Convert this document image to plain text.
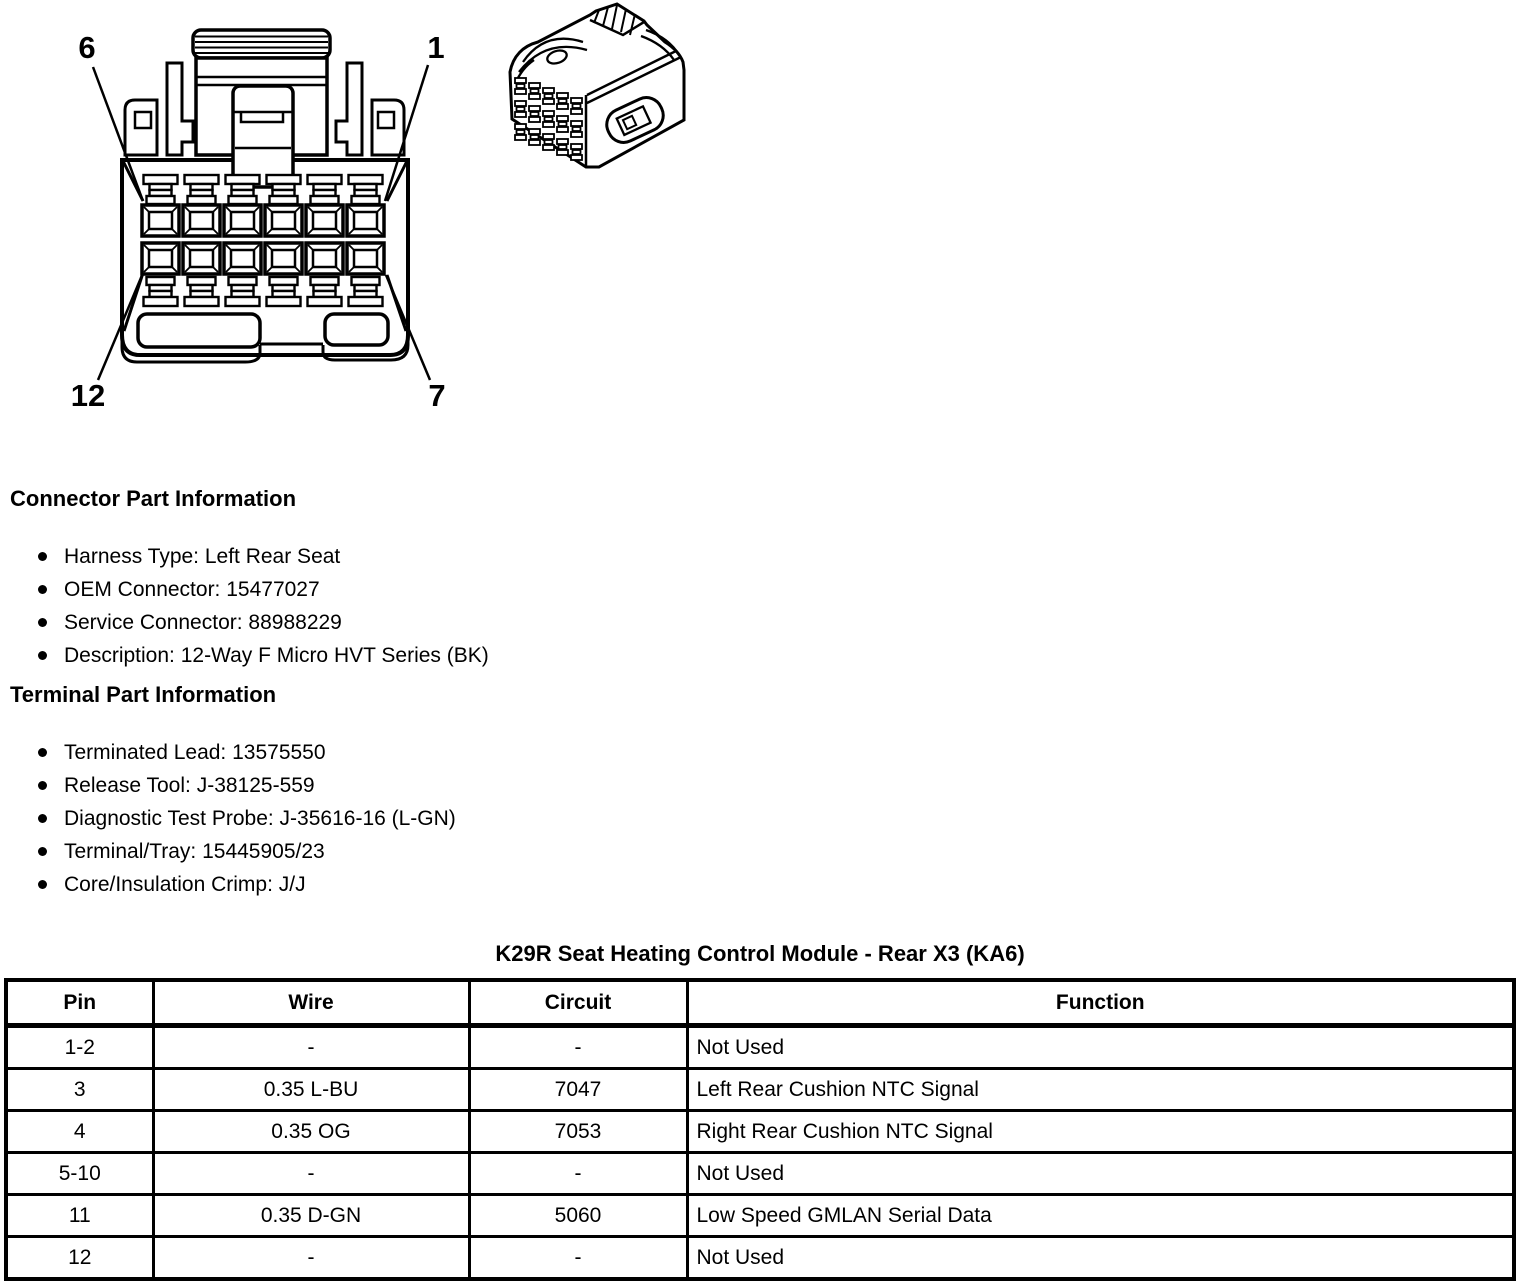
6	1
12	7
Connector Part Information
Harness Type: Left Rear Seat
OEM Connector: 15477027
Service Connector: 88988229
Description: 12-Way F Micro HVT Series (BK)
Terminal Part Information
Terminated Lead: 13575550
Release Tool: J-38125-559
Diagnostic Test Probe: J-35616-16 (L-GN)
Terminal/Tray: 15445905/23
Core/Insulation Crimp: J/J
K29R Seat Heating Control Module - Rear X3 (KA6)
Pin	Wire	Circuit	Function
1-2	-	-	Not Used
3	0.35 L-BU	7047	Left Rear Cushion NTC Signal
4	0.35 OG	7053	Right Rear Cushion NTC Signal
5-10	-	-	Not Used
11	0.35 D-GN	5060	Low Speed GMLAN Serial Data
12	-	-	Not Used
